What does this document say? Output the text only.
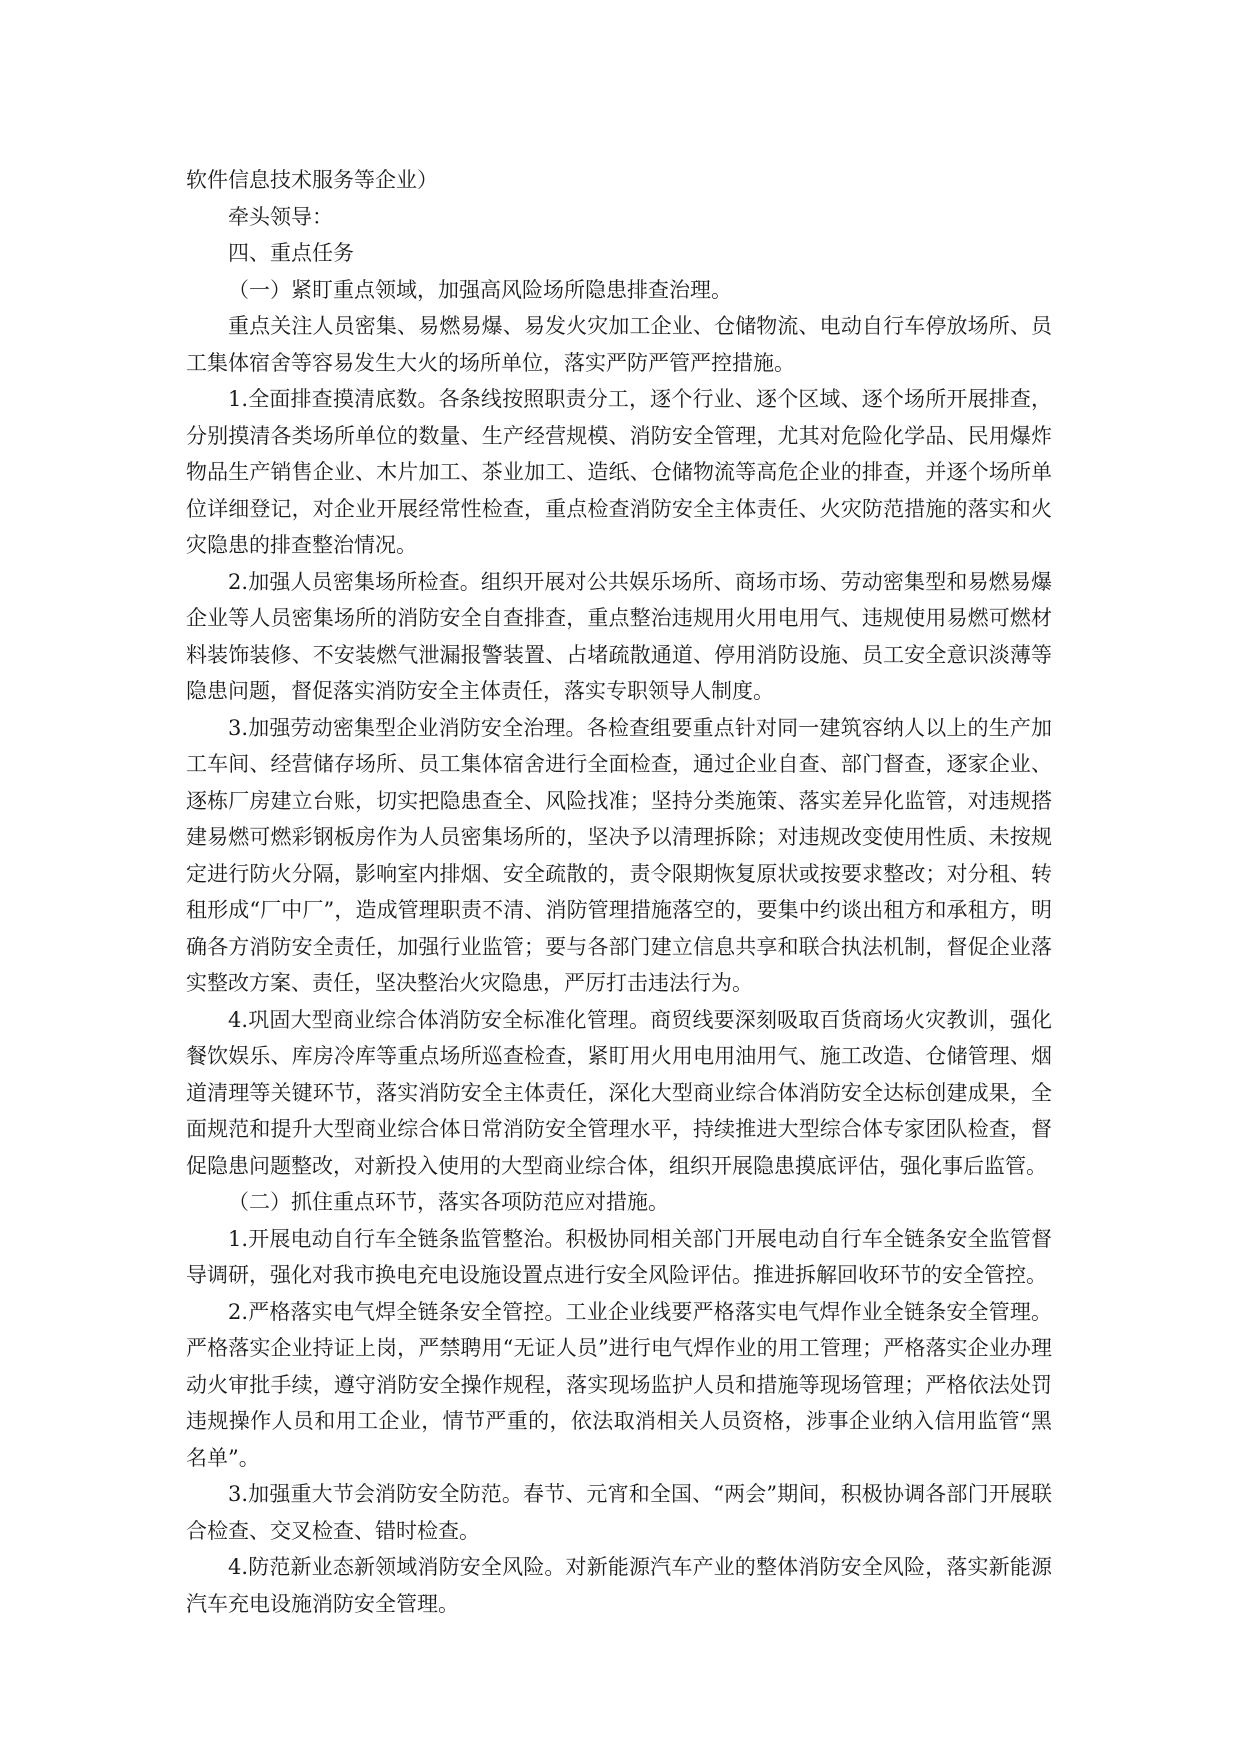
软件信息技术服务等企业）

牵头领导：

四、重点任务

（一）紧盯重点领域，加强高风险场所隐患排查治理。

重点关注人员密集、易燃易爆、易发火灾加工企业、仓储物流、电动自行车停放场所、员工集体宿舍等容易发生大火的场所单位，落实严防严管严控措施。

1.全面排查摸清底数。各条线按照职责分工，逐个行业、逐个区域、逐个场所开展排查，分别摸清各类场所单位的数量、生产经营规模、消防安全管理，尤其对危险化学品、民用爆炸物品生产销售企业、木片加工、茶业加工、造纸、仓储物流等高危企业的排查，并逐个场所单位详细登记，对企业开展经常性检查，重点检查消防安全主体责任、火灾防范措施的落实和火灾隐患的排查整治情况。

2.加强人员密集场所检查。组织开展对公共娱乐场所、商场市场、劳动密集型和易燃易爆企业等人员密集场所的消防安全自查排查，重点整治违规用火用电用气、违规使用易燃可燃材料装饰装修、不安装燃气泄漏报警装置、占堵疏散通道、停用消防设施、员工安全意识淡薄等隐患问题，督促落实消防安全主体责任，落实专职领导人制度。

3.加强劳动密集型企业消防安全治理。各检查组要重点针对同一建筑容纳人以上的生产加工车间、经营储存场所、员工集体宿舍进行全面检查，通过企业自查、部门督查，逐家企业、逐栋厂房建立台账，切实把隐患查全、风险找准；坚持分类施策、落实差异化监管，对违规搭建易燃可燃彩钢板房作为人员密集场所的，坚决予以清理拆除；对违规改变使用性质、未按规定进行防火分隔，影响室内排烟、安全疏散的，责令限期恢复原状或按要求整改；对分租、转租形成“厂中厂”，造成管理职责不清、消防管理措施落空的，要集中约谈出租方和承租方，明确各方消防安全责任，加强行业监管；要与各部门建立信息共享和联合执法机制，督促企业落实整改方案、责任，坚决整治火灾隐患，严厉打击违法行为。

4.巩固大型商业综合体消防安全标准化管理。商贸线要深刻吸取百货商场火灾教训，强化餐饮娱乐、库房冷库等重点场所巡查检查，紧盯用火用电用油用气、施工改造、仓储管理、烟道清理等关键环节，落实消防安全主体责任，深化大型商业综合体消防安全达标创建成果，全面规范和提升大型商业综合体日常消防安全管理水平，持续推进大型综合体专家团队检查，督促隐患问题整改，对新投入使用的大型商业综合体，组织开展隐患摸底评估，强化事后监管。

（二）抓住重点环节，落实各项防范应对措施。

1.开展电动自行车全链条监管整治。积极协同相关部门开展电动自行车全链条安全监管督导调研，强化对我市换电充电设施设置点进行安全风险评估。推进拆解回收环节的安全管控。

2.严格落实电气焊全链条安全管控。工业企业线要严格落实电气焊作业全链条安全管理。严格落实企业持证上岗，严禁聘用“无证人员”进行电气焊作业的用工管理；严格落实企业办理动火审批手续，遵守消防安全操作规程，落实现场监护人员和措施等现场管理；严格依法处罚违规操作人员和用工企业，情节严重的，依法取消相关人员资格，涉事企业纳入信用监管“黑名单”。

3.加强重大节会消防安全防范。春节、元宵和全国、“两会”期间，积极协调各部门开展联合检查、交叉检查、错时检查。

4.防范新业态新领域消防安全风险。对新能源汽车产业的整体消防安全风险，落实新能源汽车充电设施消防安全管理。
